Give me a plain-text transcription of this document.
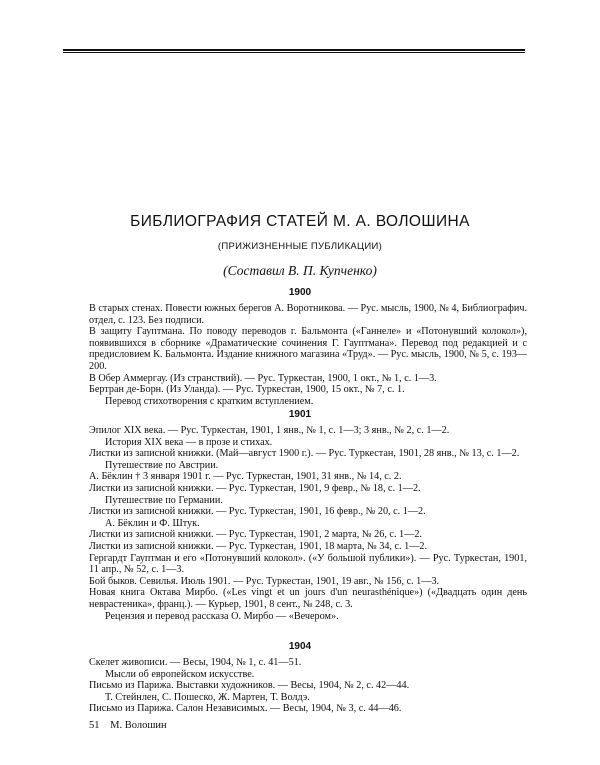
БИБЛИОГРАФИЯ СТАТЕЙ М. А. ВОЛОШИНА
(ПРИЖИЗНЕННЫЕ ПУБЛИКАЦИИ)
(Составил В. П. Купченко)
1900

В старых стенах. Повести южных берегов А. Воротникова. — Рус. мысль, 1900, № 4, Библиографич. отдел, с. 123. Без подписи.

В защиту Гауптмана. По поводу переводов г. Бальмонта («Ганнеле» и «Потонувший колокол»), появившихся в сборнике «Драматические сочинения Г. Гауптмана». Перевод под редакцией и с предисловием К. Бальмонта. Издание книжного магазина «Труд». — Рус. мысль, 1900, № 5, с. 193—200.

В Обер Аммергау. (Из странствий). — Рус. Туркестан, 1900, 1 окт., № 1, с. 1—3.

Бертран де-Борн. (Из Уланда). — Рус. Туркестан, 1900, 15 окт., № 7, с. 1.

Перевод стихотворения с кратким вступлением.

1901

Эпилог XIX века. — Рус. Туркестан, 1901, 1 янв., № 1, с. 1—3; 3 янв., № 2, с. 1—2.

История XIX века — в прозе и стихах.

Листки из записной книжки. (Май—август 1900 г.). — Рус. Туркестан, 1901, 28 янв., № 13, с. 1—2.

Путешествие по Австрии.

А. Бёклин † 3 января 1901 г. — Рус. Туркестан, 1901, 31 янв., № 14, с. 2.

Листки из записной книжки. — Рус. Туркестан, 1901, 9 февр., № 18, с. 1—2.

Путешествие по Германии.

Листки из записной книжки. — Рус. Туркестан, 1901, 16 февр., № 20, с. 1—2.

А. Бёклин и Ф. Штук.

Листки из записной книжки. — Рус. Туркестан, 1901, 2 марта, № 26, с. 1—2.

Листки из записной книжки. — Рус. Туркестан, 1901, 18 марта, № 34, с. 1—2.

Гергардт Гауптман и его «Потонувший колокол». («У большой публики»). — Рус. Туркестан, 1901, 11 апр., № 52, с. 1—3.

Бой быков. Севилья. Июль 1901. — Рус. Туркестан, 1901, 19 авг., № 156, с. 1—3.

Новая книга Октава Мирбо. («Les vingt et un jours d'un neurasthénique») («Двадцать один день неврастеника», франц.). — Курьер, 1901, 8 сент., № 248, с. 3.

Рецензия и перевод рассказа О. Мирбо — «Вечером».

1904

Скелет живописи. — Весы, 1904, № 1, с. 41—51.

Мысли об европейском искусстве.

Письмо из Парижа. Выставки художников. — Весы, 1904, № 2, с. 42—44.

Т. Стейнлен, С. Пошеско, Ж. Мартен, Т. Волдэ.

Письмо из Парижа. Салон Независимых. — Весы, 1904, № 3, с. 44—46.

51 М. Волошин
